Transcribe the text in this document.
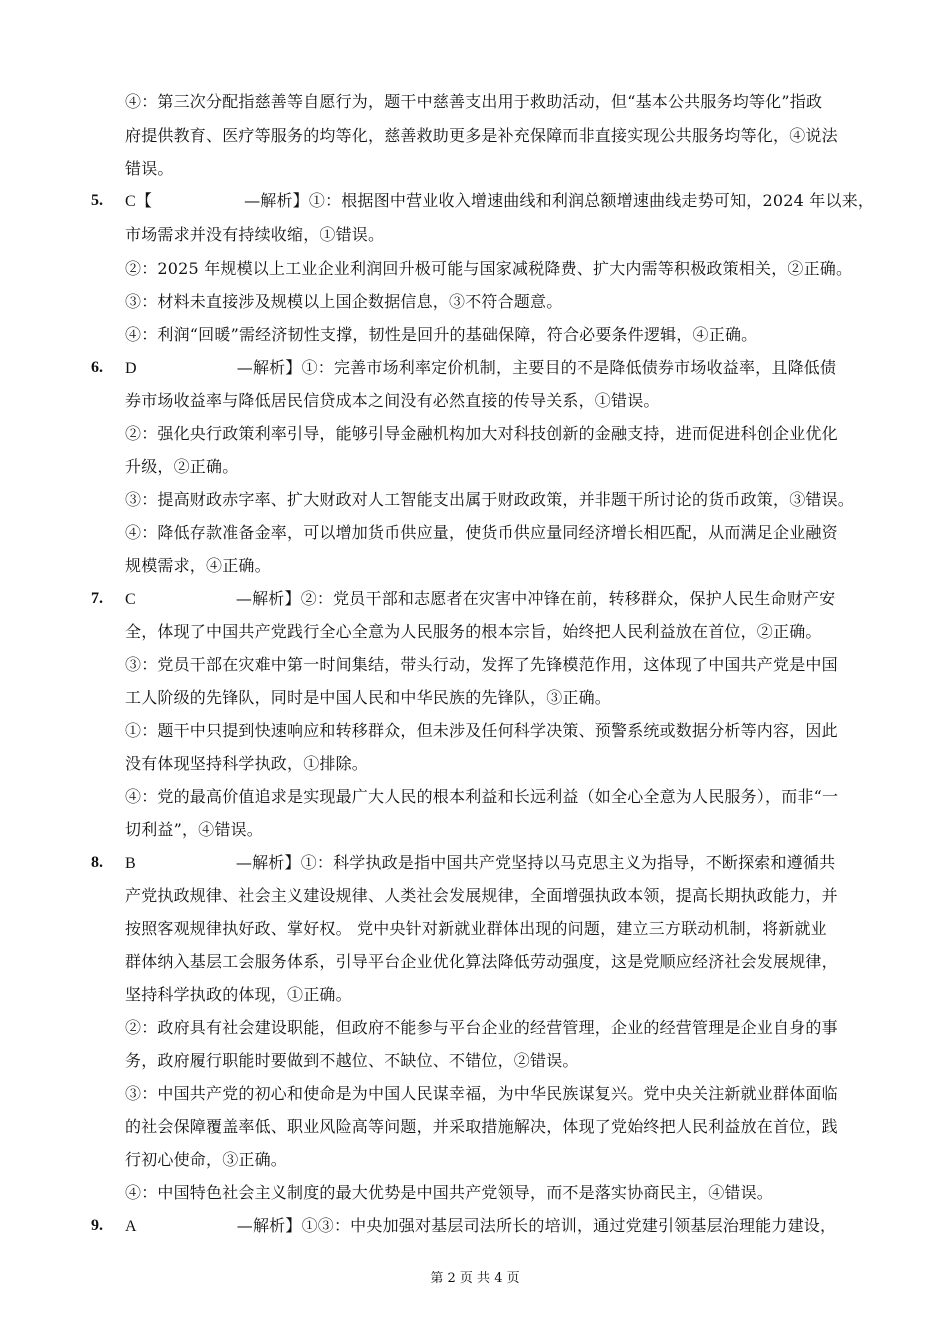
④：第三次分配指慈善等自愿行为，题干中慈善支出用于救助活动，但“基本公共服务均等化”指政
府提供教育、医疗等服务的均等化，慈善救助更多是补充保障而非直接实现公共服务均等化，④说法
错误。
5. C【	—解析】①：根据图中营业收入增速曲线和利润总额增速曲线走势可知，2024 年以来，
市场需求并没有持续收缩，①错误。
②：2025 年规模以上工业企业利润回升极可能与国家减税降费、扩大内需等积极政策相关，②正确。
③：材料未直接涉及规模以上国企数据信息，③不符合题意。
④：利润“回暖”需经济韧性支撑，韧性是回升的基础保障，符合必要条件逻辑，④正确。
6. D	—解析】①：完善市场利率定价机制，主要目的不是降低债券市场收益率，且降低债
券市场收益率与降低居民信贷成本之间没有必然直接的传导关系，①错误。
②：强化央行政策利率引导，能够引导金融机构加大对科技创新的金融支持，进而促进科创企业优化
升级，②正确。
③：提高财政赤字率、扩大财政对人工智能支出属于财政政策，并非题干所讨论的货币政策，③错误。
④：降低存款准备金率，可以增加货币供应量，使货币供应量同经济增长相匹配，从而满足企业融资
规模需求，④正确。
7. C	—解析】②：党员干部和志愿者在灾害中冲锋在前，转移群众，保护人民生命财产安
全，体现了中国共产党践行全心全意为人民服务的根本宗旨，始终把人民利益放在首位，②正确。
③：党员干部在灾难中第一时间集结，带头行动，发挥了先锋模范作用，这体现了中国共产党是中国
工人阶级的先锋队，同时是中国人民和中华民族的先锋队，③正确。
①：题干中只提到快速响应和转移群众，但未涉及任何科学决策、预警系统或数据分析等内容，因此
没有体现坚持科学执政，①排除。
④：党的最高价值追求是实现最广大人民的根本利益和长远利益（如全心全意为人民服务），而非“一
切利益”，④错误。
8. B	—解析】①：科学执政是指中国共产党坚持以马克思主义为指导，不断探索和遵循共
产党执政规律、社会主义建设规律、人类社会发展规律，全面增强执政本领，提高长期执政能力，并
按照客观规律执好政、掌好权。 党中央针对新就业群体出现的问题，建立三方联动机制，将新就业
群体纳入基层工会服务体系，引导平台企业优化算法降低劳动强度，这是党顺应经济社会发展规律，
坚持科学执政的体现，①正确。
②：政府具有社会建设职能，但政府不能参与平台企业的经营管理，企业的经营管理是企业自身的事
务，政府履行职能时要做到不越位、不缺位、不错位，②错误。
③：中国共产党的初心和使命是为中国人民谋幸福，为中华民族谋复兴。党中央关注新就业群体面临
的社会保障覆盖率低、职业风险高等问题，并采取措施解决，体现了党始终把人民利益放在首位，践
行初心使命，③正确。
④：中国特色社会主义制度的最大优势是中国共产党领导，而不是落实协商民主，④错误。
9. A	—解析】①③：中央加强对基层司法所长的培训，通过党建引领基层治理能力建设，
第 2 页 共 4 页
